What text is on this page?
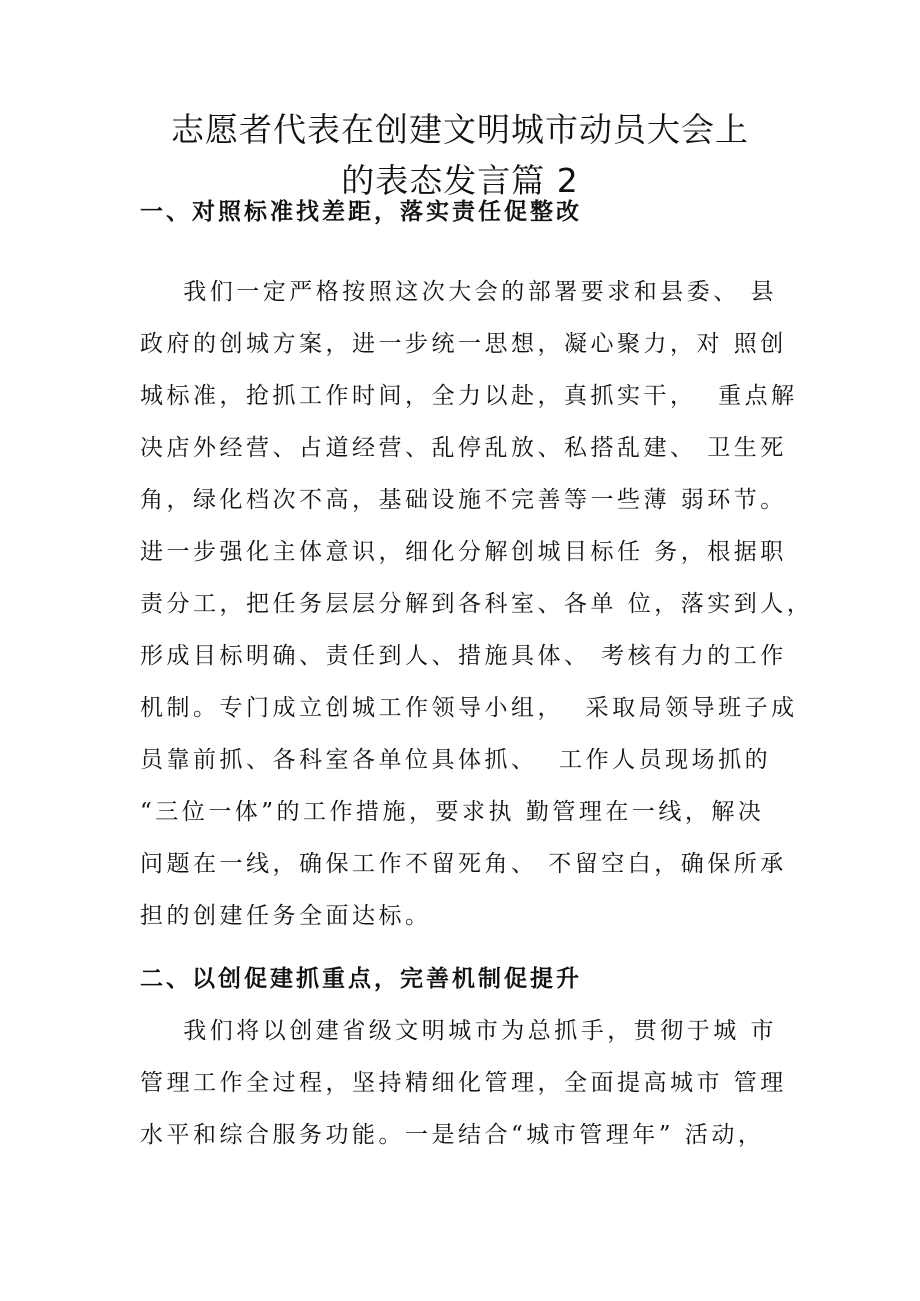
志愿者代表在创建文明城市动员大会上
的表态发言篇 2
一、对照标准找差距，落实责任促整改
我们一定严格按照这次大会的部署要求和县委、 县
政府的创城方案，进一步统一思想，凝心聚力，对 照创
城标准，抢抓工作时间，全力以赴，真抓实干，  重点解
决店外经营、占道经营、乱停乱放、私搭乱建、 卫生死
角，绿化档次不高，基础设施不完善等一些薄 弱环节。
进一步强化主体意识，细化分解创城目标任 务，根据职
责分工，把任务层层分解到各科室、各单 位，落实到人，
形成目标明确、责任到人、措施具体、 考核有力的工作
机制。专门成立创城工作领导小组，  采取局领导班子成
员靠前抓、各科室各单位具体抓、  工作人员现场抓的
“三位一体”的工作措施，要求执 勤管理在一线，解决
问题在一线，确保工作不留死角、 不留空白，确保所承
担的创建任务全面达标。
二、以创促建抓重点，完善机制促提升
我们将以创建省级文明城市为总抓手，贯彻于城 市
管理工作全过程，坚持精细化管理，全面提高城市 管理
水平和综合服务功能。一是结合“城市管理年” 活动，
